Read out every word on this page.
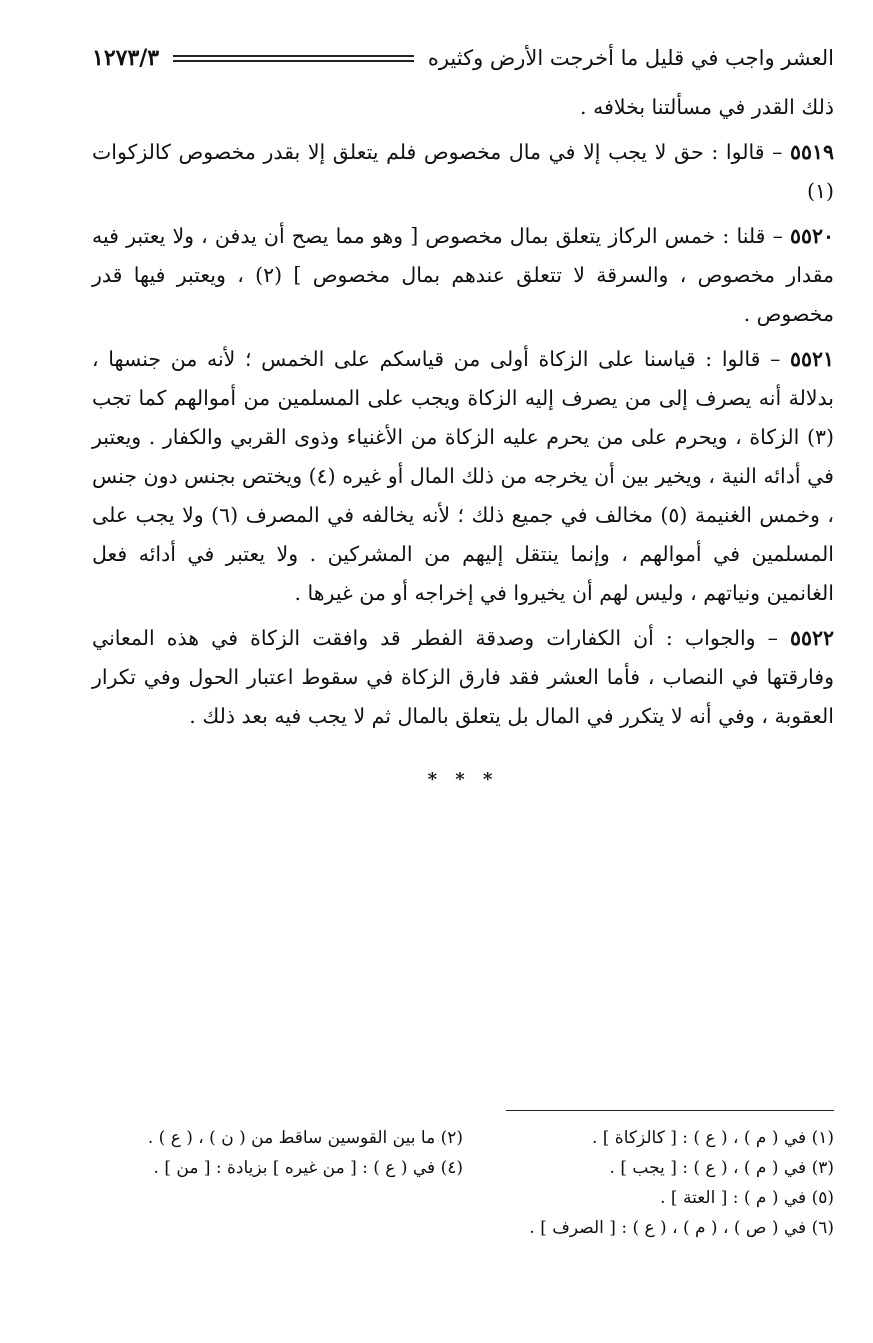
العشر واجب في قليل ما أخرجت الأرض وكثيره
١٢٧٣/٣

ذلك القدر في مسألتنا بخلافه .

٥٥١٩ – قالوا : حق لا يجب إلا في مال مخصوص فلم يتعلق إلا بقدر مخصوص كالزكوات (١)

٥٥٢٠ – قلنا : خمس الركاز يتعلق بمال مخصوص [ وهو مما يصح أن يدفن ، ولا يعتبر فيه مقدار مخصوص ، والسرقة لا تتعلق عندهم بمال مخصوص ] (٢) ، ويعتبر فيها قدر مخصوص .

٥٥٢١ – قالوا : قياسنا على الزكاة أولى من قياسكم على الخمس ؛ لأنه من جنسها ، بدلالة أنه يصرف إلى من يصرف إليه الزكاة ويجب على المسلمين من أموالهم كما تجب (٣) الزكاة ، ويحرم على من يحرم عليه الزكاة من الأغنياء وذوى القربي والكفار . ويعتبر في أدائه النية ، ويخير بين أن يخرجه من ذلك المال أو غيره (٤) ويختص بجنس دون جنس ، وخمس الغنيمة (٥) مخالف في جميع ذلك ؛ لأنه يخالفه في المصرف (٦) ولا يجب على المسلمين في أموالهم ، وإنما ينتقل إليهم من المشركين . ولا يعتبر في أدائه فعل الغانمين ونياتهم ، وليس لهم أن يخيروا في إخراجه أو من غيرها .

٥٥٢٢ – والجواب : أن الكفارات وصدقة الفطر قد وافقت الزكاة في هذه المعاني وفارقتها في النصاب ، فأما العشر فقد فارق الزكاة في سقوط اعتبار الحول وفي تكرار العقوبة ، وفي أنه لا يتكرر في المال بل يتعلق بالمال ثم لا يجب فيه بعد ذلك .

* * *
(١) في ( م ) ، ( ع ) : [ كالزكاة ] .
(٢) ما بين القوسين ساقط من ( ن ) ، ( ع ) .
(٣) في ( م ) ، ( ع ) : [ يجب ] .
(٤) في ( ع ) : [ من غيره ] بزيادة : [ من ] .
(٥) في ( م ) : [ العتة ] .
(٦) في ( ص ) ، ( م ) ، ( ع ) : [ الصرف ] .
